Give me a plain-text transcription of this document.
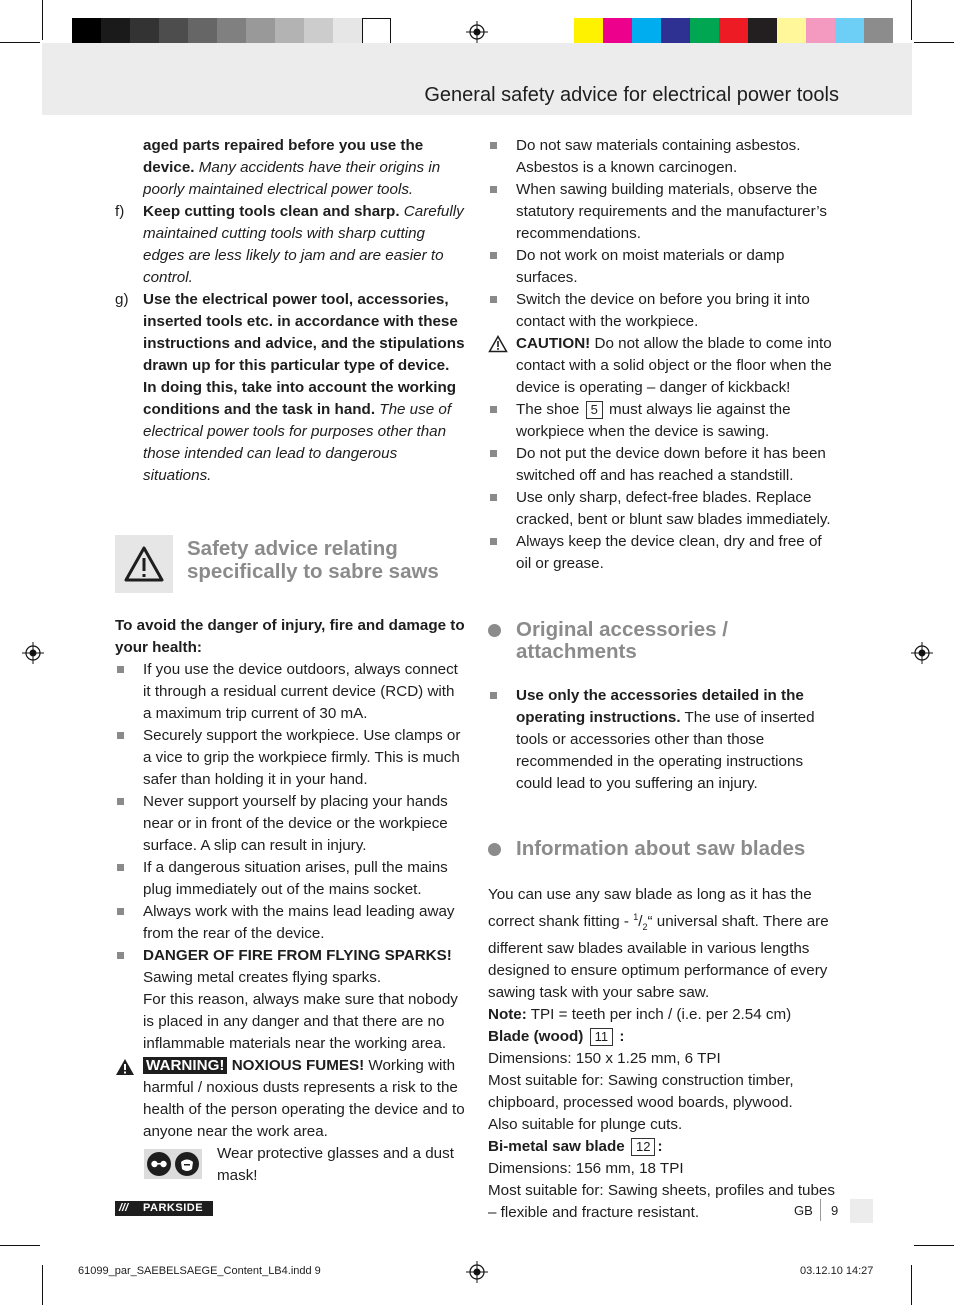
General safety advice for electrical power tools

aged parts repaired before you use the device. Many accidents have their origins in poorly maintained electrical power tools.

f) Keep cutting tools clean and sharp. Carefully maintained cutting tools with sharp cutting edges are less likely to jam and are easier to control.

g) Use the electrical power tool, accessories, inserted tools etc. in accordance with these instructions and advice, and the stipulations drawn up for this particular type of device. In doing this, take into account the working conditions and the task in hand. The use of electrical power tools for purposes other than those intended can lead to dangerous situations.

Safety advice relating specifically to sabre saws

To avoid the danger of injury, fire and damage to your health:

If you use the device outdoors, always connect it through a residual current device (RCD) with a maximum trip current of 30 mA.

Securely support the workpiece. Use clamps or a vice to grip the workpiece firmly. This is much safer than holding it in your hand.

Never support yourself by placing your hands near or in front of the device or the workpiece surface. A slip can result in injury.

If a dangerous situation arises, pull the mains plug immediately out of the mains socket.

Always work with the mains lead leading away from the rear of the device.

DANGER OF FIRE FROM FLYING SPARKS!
Sawing metal creates flying sparks.
For this reason, always make sure that nobody is placed in any danger and that there are no inflammable materials near the working area.

WARNING! NOXIOUS FUMES! Working with harmful / noxious dusts represents a risk to the health of the person operating the device and to anyone near the work area.

Wear protective glasses and a dust mask!

Do not saw materials containing asbestos. Asbestos is a known carcinogen.

When sawing building materials, observe the statutory requirements and the manufacturer’s recommendations.

Do not work on moist materials or damp surfaces.

Switch the device on before you bring it into contact with the workpiece.

CAUTION! Do not allow the blade to come into contact with a solid object or the floor when the device is operating – danger of kickback!

The shoe 5 must always lie against the workpiece when the device is sawing.

Do not put the device down before it has been switched off and has reached a standstill.

Use only sharp, defect-free blades. Replace cracked, bent or blunt saw blades immediately.

Always keep the device clean, dry and free of oil or grease.

Original accessories / attachments

Use only the accessories detailed in the operating instructions. The use of inserted tools or accessories other than those recommended in the operating instructions could lead to you suffering an injury.

Information about saw blades

You can use any saw blade as long as it has the correct shank fitting - $^1/_2“$ universal shaft. There are different saw blades available in various lengths designed to ensure optimum performance of every sawing task with your sabre saw.

Note: TPI = teeth per inch / (i.e. per 2.54 cm)

Blade (wood) 11 :

Dimensions: 150 x 1.25 mm, 6 TPI

Most suitable for: Sawing construction timber, chipboard, processed wood boards, plywood.

Also suitable for plunge cuts.

Bi-metal saw blade 12 :

Dimensions: 156 mm, 18 TPI

Most suitable for: Sawing sheets, profiles and tubes – flexible and fracture resistant.

/// PARKSIDE	GB 9
61099_par_SAEBELSAEGE_Content_LB4.indd 9	03.12.10 14:27
